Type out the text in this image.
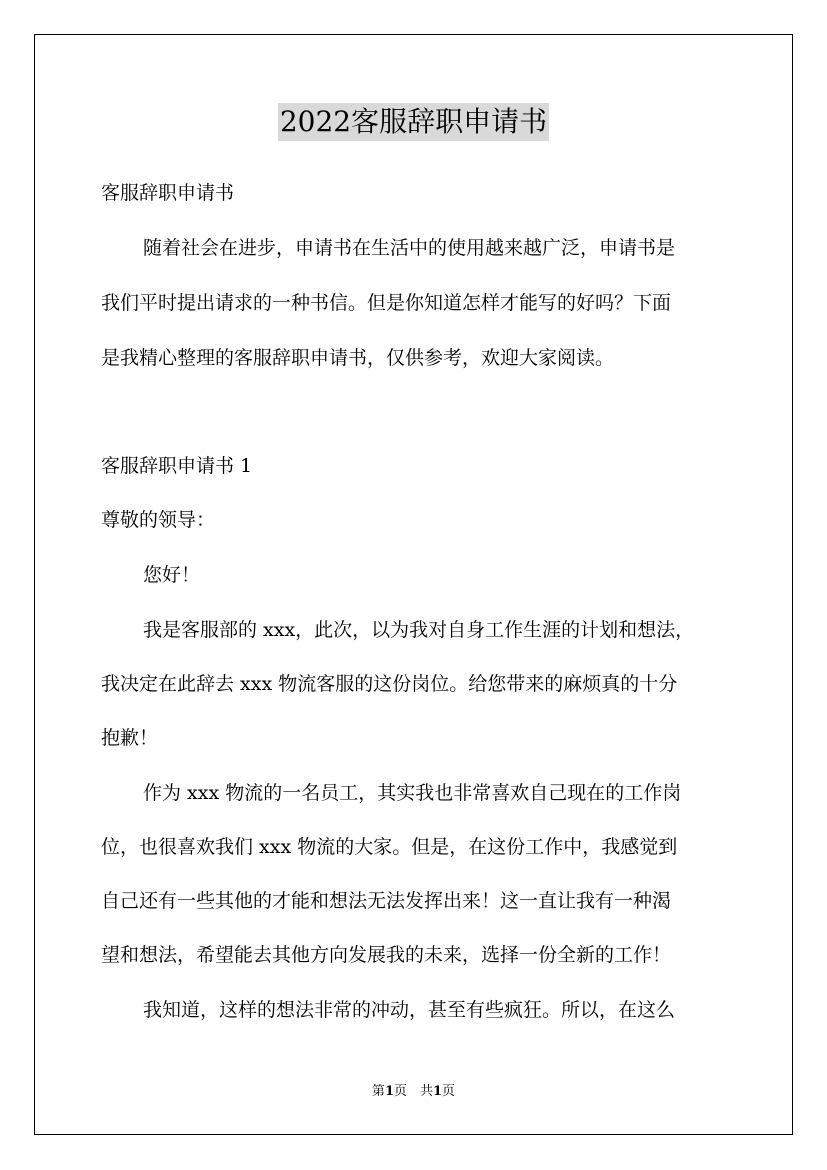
2022客服辞职申请书
客服辞职申请书
随着社会在进步，申请书在生活中的使用越来越广泛，申请书是
我们平时提出请求的一种书信。但是你知道怎样才能写的好吗？下面
是我精心整理的客服辞职申请书，仅供参考，欢迎大家阅读。
客服辞职申请书 1
尊敬的领导：
您好！
我是客服部的 xxx，此次，以为我对自身工作生涯的计划和想法，
我决定在此辞去 xxx 物流客服的这份岗位。给您带来的麻烦真的十分
抱歉！
作为 xxx 物流的一名员工，其实我也非常喜欢自己现在的工作岗
位，也很喜欢我们 xxx 物流的大家。但是，在这份工作中，我感觉到
自己还有一些其他的才能和想法无法发挥出来！这一直让我有一种渴
望和想法，希望能去其他方向发展我的未来，选择一份全新的工作！
我知道，这样的想法非常的冲动，甚至有些疯狂。所以，在这么
第1页　共1页
